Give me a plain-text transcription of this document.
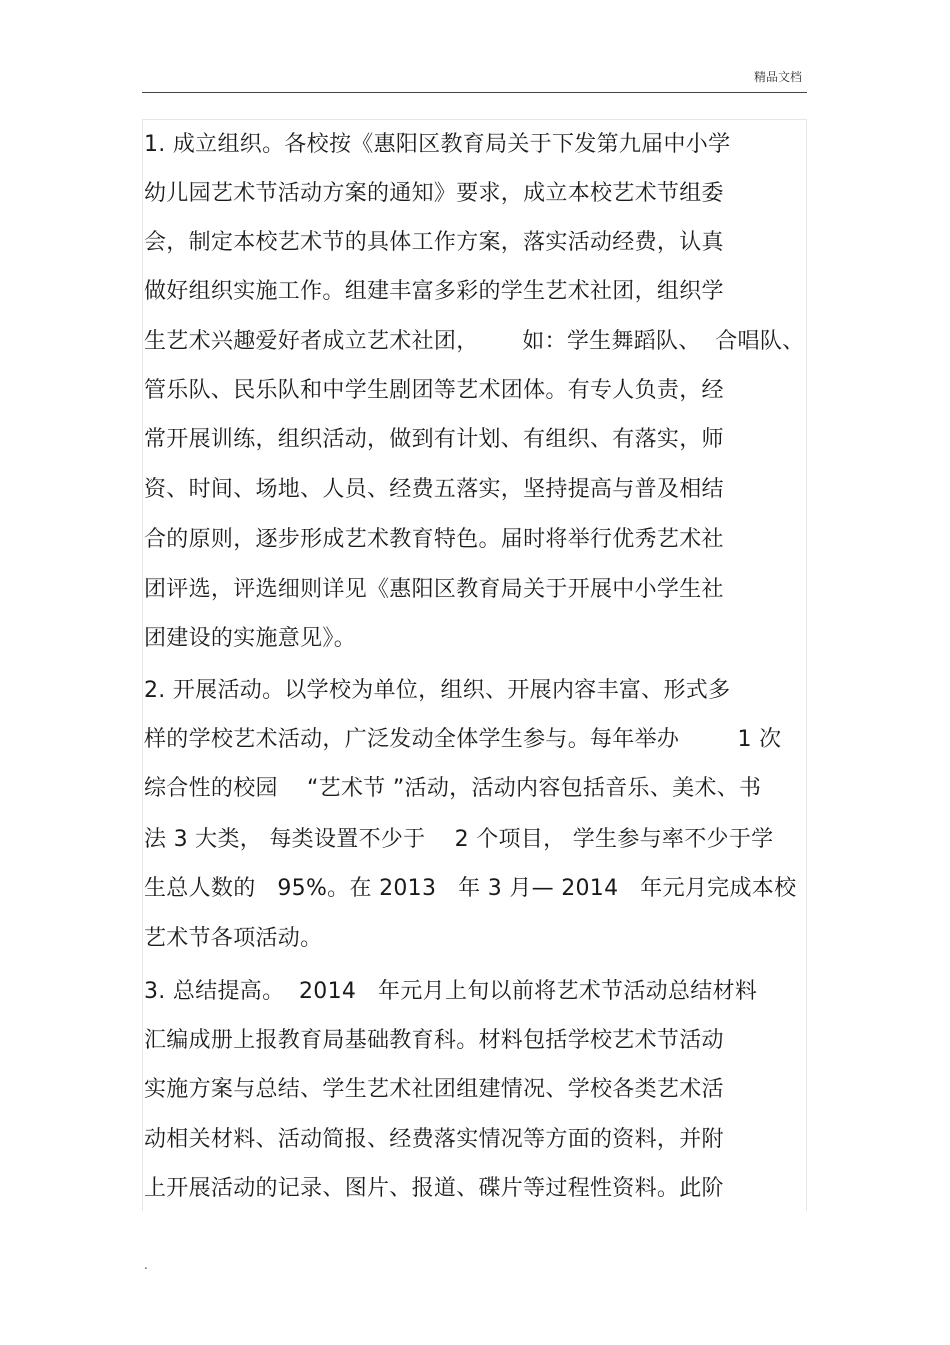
精品文档
1. 成立组织。各校按《惠阳区教育局关于下发第九届中小学
幼儿园艺术节活动方案的通知》要求，成立本校艺术节组委
会，制定本校艺术节的具体工作方案，落实活动经费，认真
做好组织实施工作。组建丰富多彩的学生艺术社团，组织学
生艺术兴趣爱好者成立艺术社团，      如：学生舞蹈队、  合唱队、
管乐队、民乐队和中学生剧团等艺术团体。有专人负责，经
常开展训练，组织活动，做到有计划、有组织、有落实，师
资、时间、场地、人员、经费五落实，坚持提高与普及相结
合的原则，逐步形成艺术教育特色。届时将举行优秀艺术社
团评选，评选细则详见《惠阳区教育局关于开展中小学生社
团建设的实施意见》。
2. 开展活动。以学校为单位，组织、开展内容丰富、形式多
样的学校艺术活动，广泛发动全体学生参与。每年举办        1 次
综合性的校园    “艺术节 ”活动，活动内容包括音乐、美术、书
法 3 大类， 每类设置不少于    2 个项目， 学生参与率不少于学
生总人数的   95%。在 2013   年 3 月— 2014   年元月完成本校
艺术节各项活动。
3. 总结提高。  2014   年元月上旬以前将艺术节活动总结材料
汇编成册上报教育局基础教育科。材料包括学校艺术节活动
实施方案与总结、学生艺术社团组建情况、学校各类艺术活
动相关材料、活动简报、经费落实情况等方面的资料，并附
上开展活动的记录、图片、报道、碟片等过程性资料。此阶
.
